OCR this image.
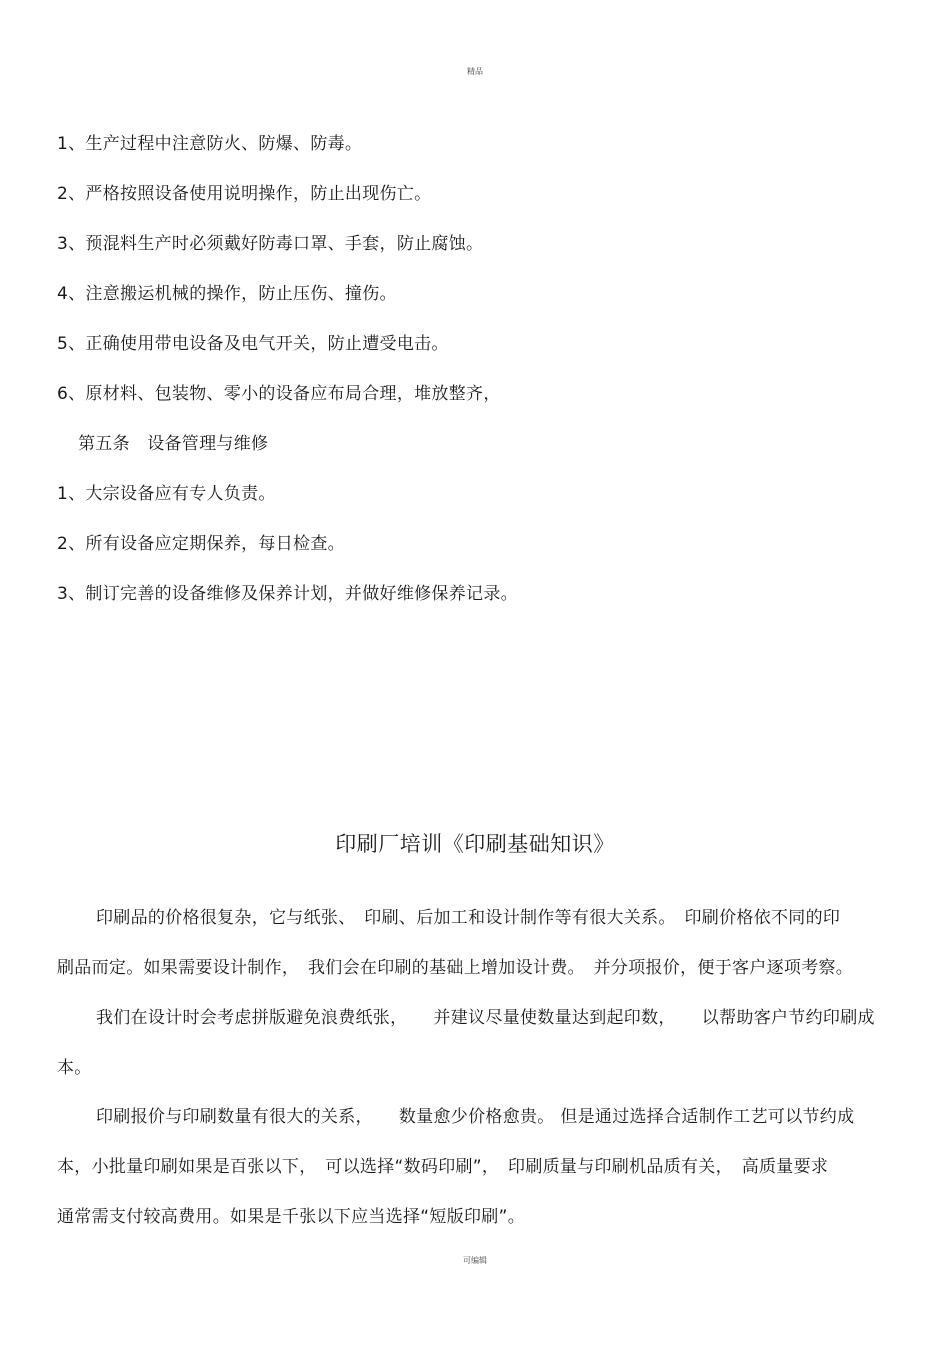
精品
1、生产过程中注意防火、防爆、防毒。
2、严格按照设备使用说明操作，防止出现伤亡。
3、预混料生产时必须戴好防毒口罩、手套，防止腐蚀。
4、注意搬运机械的操作，防止压伤、撞伤。
5、正确使用带电设备及电气开关，防止遭受电击。
6、原材料、包装物、零小的设备应布局合理，堆放整齐，
第五条　设备管理与维修
1、大宗设备应有专人负责。
2、所有设备应定期保养，每日检查。
3、制订完善的设备维修及保养计划，并做好维修保养记录。
印刷厂培训《印刷基础知识》
印刷品的价格很复杂，它与纸张、　印刷、后加工和设计制作等有很大关系。　印刷价格依不同的印
刷品而定。如果需要设计制作，　我们会在印刷的基础上增加设计费。　并分项报价，便于客户逐项考察。
我们在设计时会考虑拼版避免浪费纸张，　　并建议尽量使数量达到起印数，　　以帮助客户节约印刷成
本。
印刷报价与印刷数量有很大的关系，　　数量愈少价格愈贵。 但是通过选择合适制作工艺可以节约成
本，小批量印刷如果是百张以下，　可以选择“数码印刷”，　印刷质量与印刷机品质有关，　高质量要求
通常需支付较高费用。如果是千张以下应当选择“短版印刷”。
可编辑
